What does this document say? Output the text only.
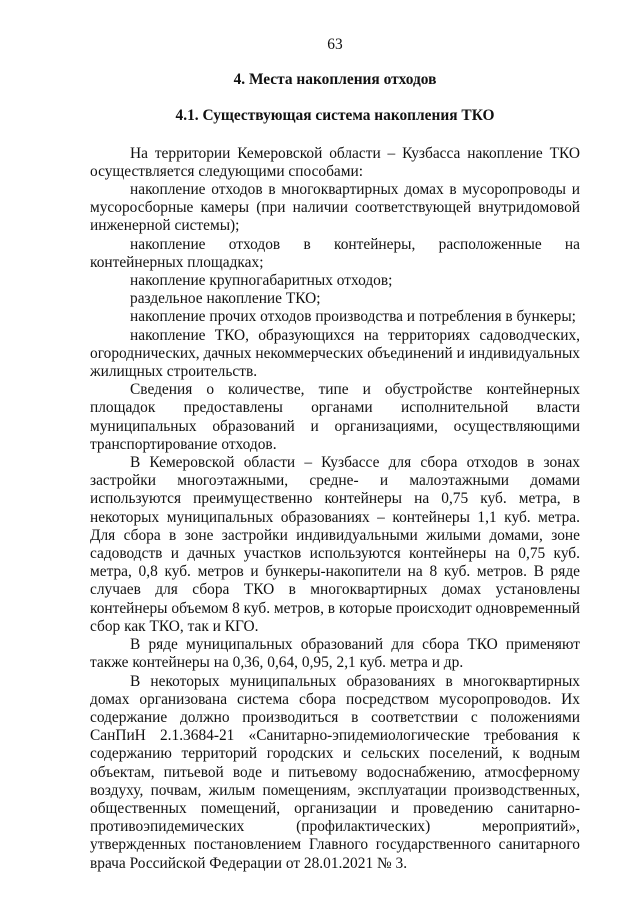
63
4. Места накопления отходов
4.1. Существующая система накопления ТКО

На территории Кемеровской области – Кузбасса накопление ТКО осуществляется следующими способами:

накопление отходов в многоквартирных домах в мусоропроводы и мусоросборные камеры (при наличии соответствующей внутридомовой инженерной системы);

накопление отходов в контейнеры, расположенные на контейнерных площадках;

накопление крупногабаритных отходов;

раздельное накопление ТКО;

накопление прочих отходов производства и потребления в бункеры;

накопление ТКО, образующихся на территориях садоводческих, огороднических, дачных некоммерческих объединений и индивидуальных жилищных строительств.

Сведения о количестве, типе и обустройстве контейнерных площадок предоставлены органами исполнительной власти муниципальных образований и организациями, осуществляющими транспортирование отходов.

В Кемеровской области – Кузбассе для сбора отходов в зонах застройки многоэтажными, средне- и малоэтажными домами используются преимущественно контейнеры на 0,75 куб. метра, в некоторых муниципальных образованиях – контейнеры 1,1 куб. метра. Для сбора в зоне застройки индивидуальными жилыми домами, зоне садоводств и дачных участков используются контейнеры на 0,75 куб. метра, 0,8 куб. метров и бункеры-накопители на 8 куб. метров. В ряде случаев для сбора ТКО в многоквартирных домах установлены контейнеры объемом 8 куб. метров, в которые происходит одновременный сбор как ТКО, так и КГО.

В ряде муниципальных образований для сбора ТКО применяют также контейнеры на 0,36, 0,64, 0,95, 2,1 куб. метра и др.

В некоторых муниципальных образованиях в многоквартирных домах организована система сбора посредством мусоропроводов. Их содержание должно производиться в соответствии с положениями СанПиН 2.1.3684-21 «Санитарно-эпидемиологические требования к содержанию территорий городских и сельских поселений, к водным объектам, питьевой воде и питьевому водоснабжению, атмосферному воздуху, почвам, жилым помещениям, эксплуатации производственных, общественных помещений, организации и проведению санитарно-противоэпидемических (профилактических) мероприятий», утвержденных постановлением Главного государственного санитарного врача Российской Федерации от 28.01.2021 № 3.
